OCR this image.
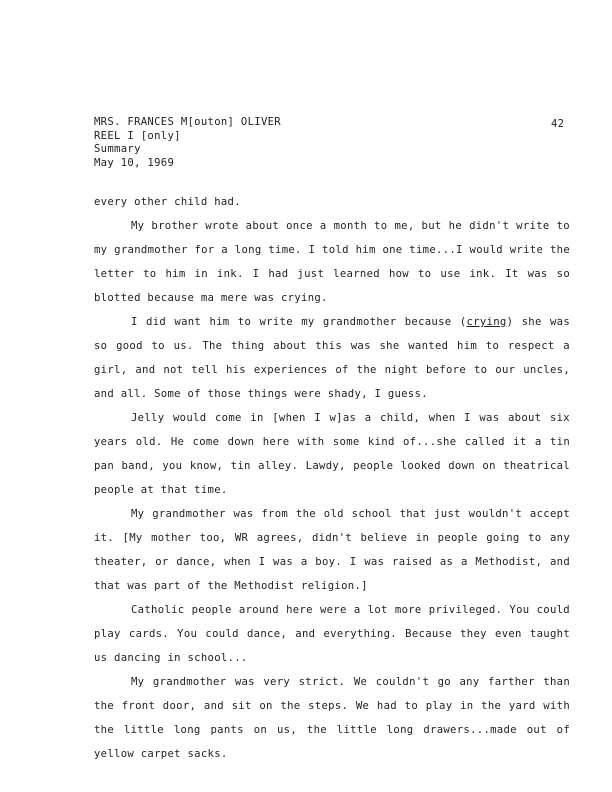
MRS. FRANCES M[outon] OLIVER
REEL I [only]
Summary
May 10, 1969
42

every other child had.

My brother wrote about once a month to me, but he didn't write to my grandmother for a long time. I told him one time...I would write the letter to him in ink. I had just learned how to use ink. It was so blotted because ma mere was crying.

I did want him to write my grandmother because (crying) she was so good to us. The thing about this was she wanted him to respect a girl, and not tell his experiences of the night before to our uncles, and all. Some of those things were shady, I guess.

Jelly would come in [when I w]as a child, when I was about six years old. He come down here with some kind of...she called it a tin pan band, you know, tin alley. Lawdy, people looked down on theatrical people at that time.

My grandmother was from the old school that just wouldn't accept it. [My mother too, WR agrees, didn't believe in people going to any theater, or dance, when I was a boy. I was raised as a Methodist, and that was part of the Methodist religion.]

Catholic people around here were a lot more privileged. You could play cards. You could dance, and everything. Because they even taught us dancing in school...

My grandmother was very strict. We couldn't go any farther than the front door, and sit on the steps. We had to play in the yard with the little long pants on us, the little long drawers...made out of yellow carpet sacks.
